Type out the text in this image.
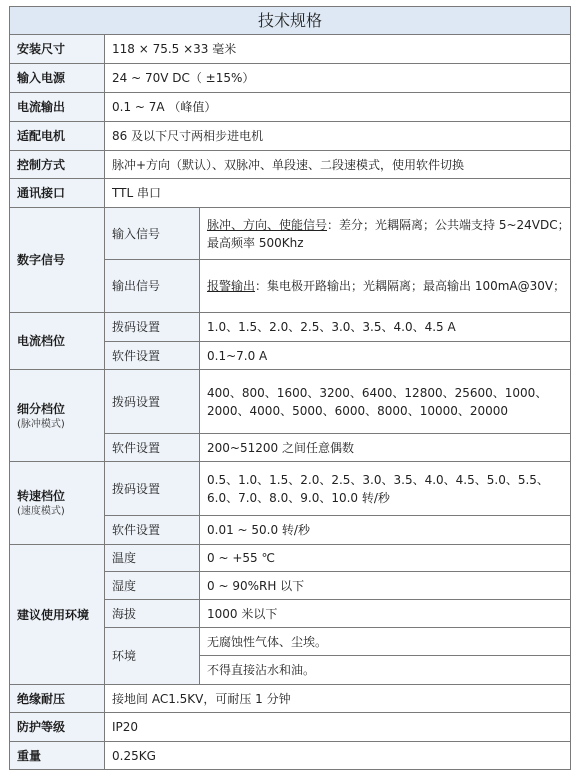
技术规格		
安装尺寸	118 × 75.5 ×33 毫米	
输入电源	24 ~ 70V DC（ ±15%）	
电流输出	0.1 ~ 7A （峰值）	
适配电机	86 及以下尺寸两相步进电机	
控制方式	脉冲+方向（默认）、双脉冲、单段速、二段速模式，使用软件切换	
通讯接口	TTL 串口	
数字信号	输入信号	脉冲、方向、使能信号：差分；光耦隔离；公共端支持 5~24VDC；最高频率 500Khz
	输出信号	报警输出：集电极开路输出；光耦隔离；最高输出 100mA@30V；
电流档位	拨码设置	1.0、1.5、2.0、2.5、3.0、3.5、4.0、4.5 A
	软件设置	0.1~7.0 A
细分档位
(脉冲模式)	拨码设置	400、800、1600、3200、6400、12800、25600、1000、2000、4000、5000、6000、8000、10000、20000
	软件设置	200~51200 之间任意偶数
转速档位
(速度模式)	拨码设置	0.5、1.0、1.5、2.0、2.5、3.0、3.5、4.0、4.5、5.0、5.5、6.0、7.0、8.0、9.0、10.0 转/秒
	软件设置	0.01 ~ 50.0 转/秒
建议使用环境	温度	0 ~ +55 ℃
	湿度	0 ~ 90%RH 以下
	海拔	1000 米以下
	环境	无腐蚀性气体、尘埃。
		不得直接沾水和油。
绝缘耐压	接地间 AC1.5KV，可耐压 1 分钟	
防护等级	IP20	
重量	0.25KG	
